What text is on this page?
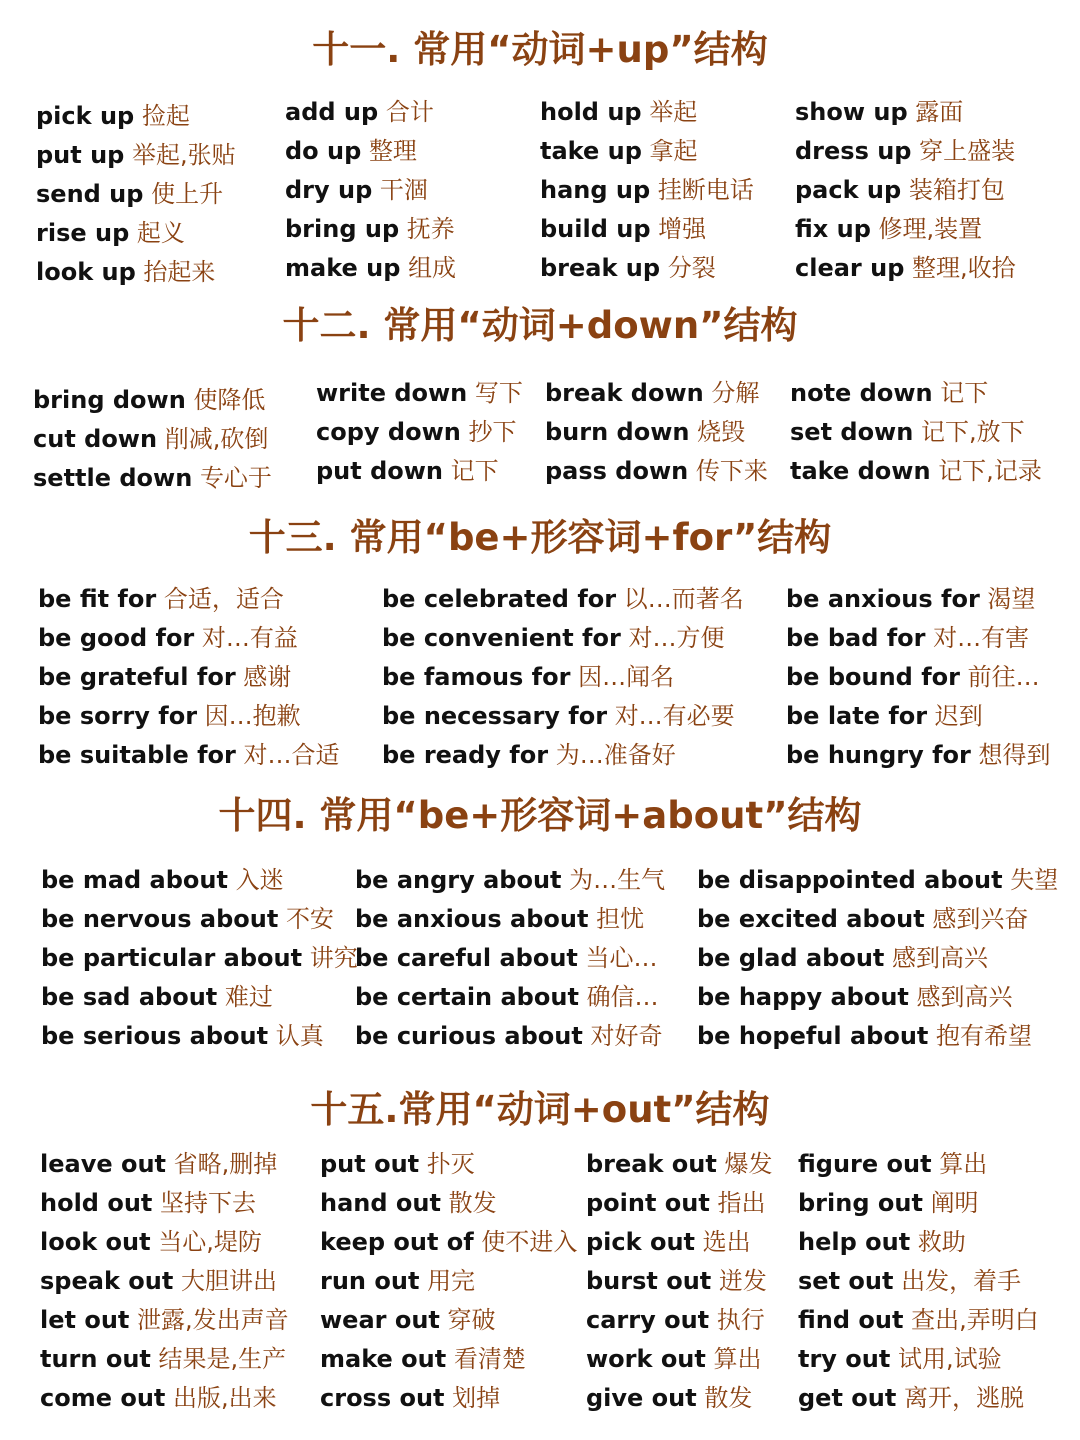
十一. 常用“动词+up”结构
pick up 捡起
put up 举起,张贴
send up 使上升
rise up 起义
look up 抬起来
add up 合计
do up 整理
dry up 干涸
bring up 抚养
make up 组成
hold up 举起
take up 拿起
hang up 挂断电话
build up 增强
break up 分裂
show up 露面
dress up 穿上盛装
pack up 装箱打包
fix up 修理,装置
clear up 整理,收拾
十二. 常用“动词+down”结构
bring down 使降低
cut down 削减,砍倒
settle down 专心于
write down 写下
copy down 抄下
put down 记下
break down 分解
burn down 烧毁
pass down 传下来
note down 记下
set down 记下,放下
take down 记下,记录
十三. 常用“be+形容词+for”结构
be fit for 合适，适合
be good for 对…有益
be grateful for 感谢
be sorry for 因…抱歉
be suitable for 对…合适
be celebrated for 以…而著名
be convenient for 对…方便
be famous for 因…闻名
be necessary for 对…有必要
be ready for 为…准备好
be anxious for 渴望
be bad for 对…有害
be bound for 前往…
be late for 迟到
be hungry for 想得到
十四. 常用“be+形容词+about”结构
be mad about 入迷
be nervous about 不安
be particular about 讲究
be sad about 难过
be serious about 认真
be angry about 为…生气
be anxious about 担忧
be careful about 当心…
be certain about 确信…
be curious about 对好奇
be disappointed about 失望
be excited about 感到兴奋
be glad about 感到高兴
be happy about 感到高兴
be hopeful about 抱有希望
十五.常用“动词+out”结构
leave out 省略,删掉
hold out 坚持下去
look out 当心,堤防
speak out 大胆讲出
let out 泄露,发出声音
turn out 结果是,生产
come out 出版,出来
put out 扑灭
hand out 散发
keep out of 使不进入
run out 用完
wear out 穿破
make out 看清楚
cross out 划掉
break out 爆发
point out 指出
pick out 选出
burst out 迸发
carry out 执行
work out 算出
give out 散发
figure out 算出
bring out 阐明
help out 救助
set out 出发，着手
find out 查出,弄明白
try out 试用,试验
get out 离开，逃脱
